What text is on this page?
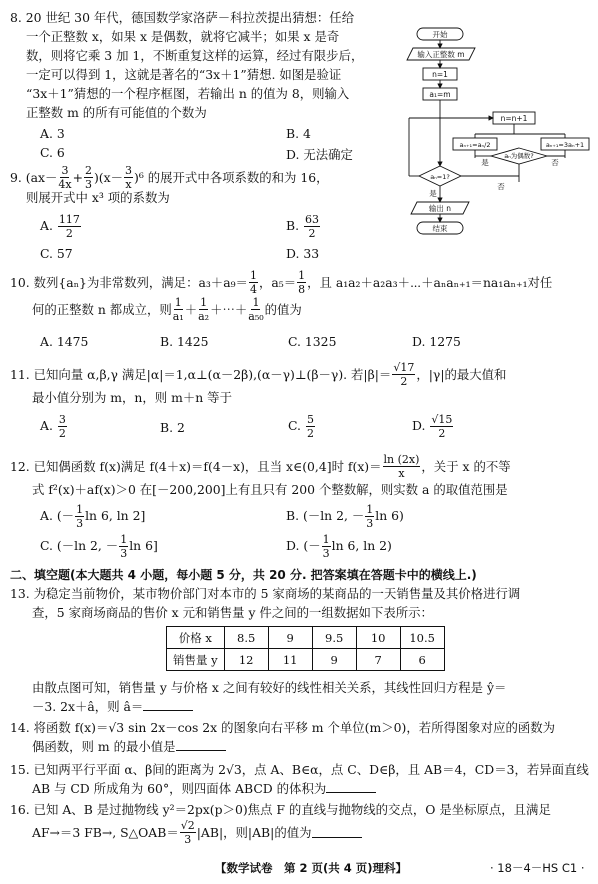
8. 20 世纪 30 年代，德国数学家洛萨－科拉茨提出猜想：任给
一个正整数 x，如果 x 是偶数，就将它减半；如果 x 是奇
数，则将它乘 3 加 1，不断重复这样的运算，经过有限步后，
一定可以得到 1，这就是著名的“3x＋1”猜想. 如图是验证
“3x＋1”猜想的一个程序框图，若输出 n 的值为 8，则输入
正整数 m 的所有可能值的个数为
A. 3	B. 4
C. 6	D. 无法确定
开始
输入正整数 m
n=1
a₁=m
n=n+1
aₙ₊₁=aₙ/2	aₙ₊₁=3aₙ+1
aₙ为偶数?
是	否
aₙ=1?
是
否
输出 n
结束
9. $(ax- \frac{3}{4x} + \frac{2}{3} )(x- \frac{3}{x} )^6$ 的展开式中各项系数的和为 16，
则展开式中 x³ 项的系数为
A. $\frac{117}{2}$	B. $\frac{63}{2}$
C. 57	D. 33
10. 数列{aₙ}为非常数列，满足：$a_3+a_9= \frac{1}{4}$ ，$a_5= \frac{1}{8}$ ，且 a₁a₂＋a₂a₃＋⋯＋aₙaₙ₊₁＝na₁aₙ₊₁对任
何的正整数 n 都成立，则 $\frac{1}{\text{a₁}} + \frac{1}{\text{a₂}}$ ＋⋯＋ $\frac{1}{\text{a₅₀}}$ 的值为
A. 1475	B. 1425	C. 1325	D. 1275
11. 已知向量 α,β,γ 满足|α|＝1,α⊥(α－2β),(α－γ)⊥(β－γ). 若$|\beta|= \frac{√17}{2}$ ，|γ|的最大值和
最小值分别为 m，n，则 m＋n 等于
A. $\frac{3}{2}$	B. 2	C. $\frac{5}{2}$	D. $\frac{√15}{2}$
12. 已知偶函数 f(x)满足 f(4＋x)＝f(4－x)，且当 x∈(0,4]时 $f(x)= \frac{\ln (2x)}{x}$ ，关于 x 的不等
式 f²(x)＋af(x)＞0 在[－200,200]上有且只有 200 个整数解，则实数 a 的取值范围是
A. (－ $\frac{1}{3}$ ln 6, ln 2]	B. (－ln 2, － $\frac{1}{3}$ ln 6)
C. (－ln 2, － $\frac{1}{3}$ ln 6]	D. (－ $\frac{1}{3}$ ln 6, ln 2)
二、填空题(本大题共 4 小题，每小题 5 分，共 20 分. 把答案填在答题卡中的横线上.)
13. 为稳定当前物价，某市物价部门对本市的 5 家商场的某商品的一天销售量及其价格进行调
查，5 家商场商品的售价 x 元和销售量 y 件之间的一组数据如下表所示：
价格 x	8.5	9	9.5	10	10.5
销售量 y	12	11	9	7	6
由散点图可知，销售量 y 与价格 x 之间有较好的线性相关关系，其线性回归方程是 ŷ＝
－3. 2x＋â，则 â＝
14. 将函数 f(x)＝√3 sin 2x－cos 2x 的图象向右平移 m 个单位(m＞0)，若所得图象对应的函数为
偶函数，则 m 的最小值是
15. 已知两平行平面 α、β间的距离为 2√3，点 A、B∈α，点 C、D∈β，且 AB＝4，CD＝3，若异面直线
AB 与 CD 所成角为 60°，则四面体 ABCD 的体积为
16. 已知 A、B 是过抛物线 y²＝2px(p＞0)焦点 F 的直线与抛物线的交点，O 是坐标原点，且满足
AF→＝3 FB→, S△OAB＝ $\frac{√2}{3} |AB|$，则|AB|的值为
【数学试卷　第 2 页(共 4 页)理科】	· 18－4－HS C1 ·
